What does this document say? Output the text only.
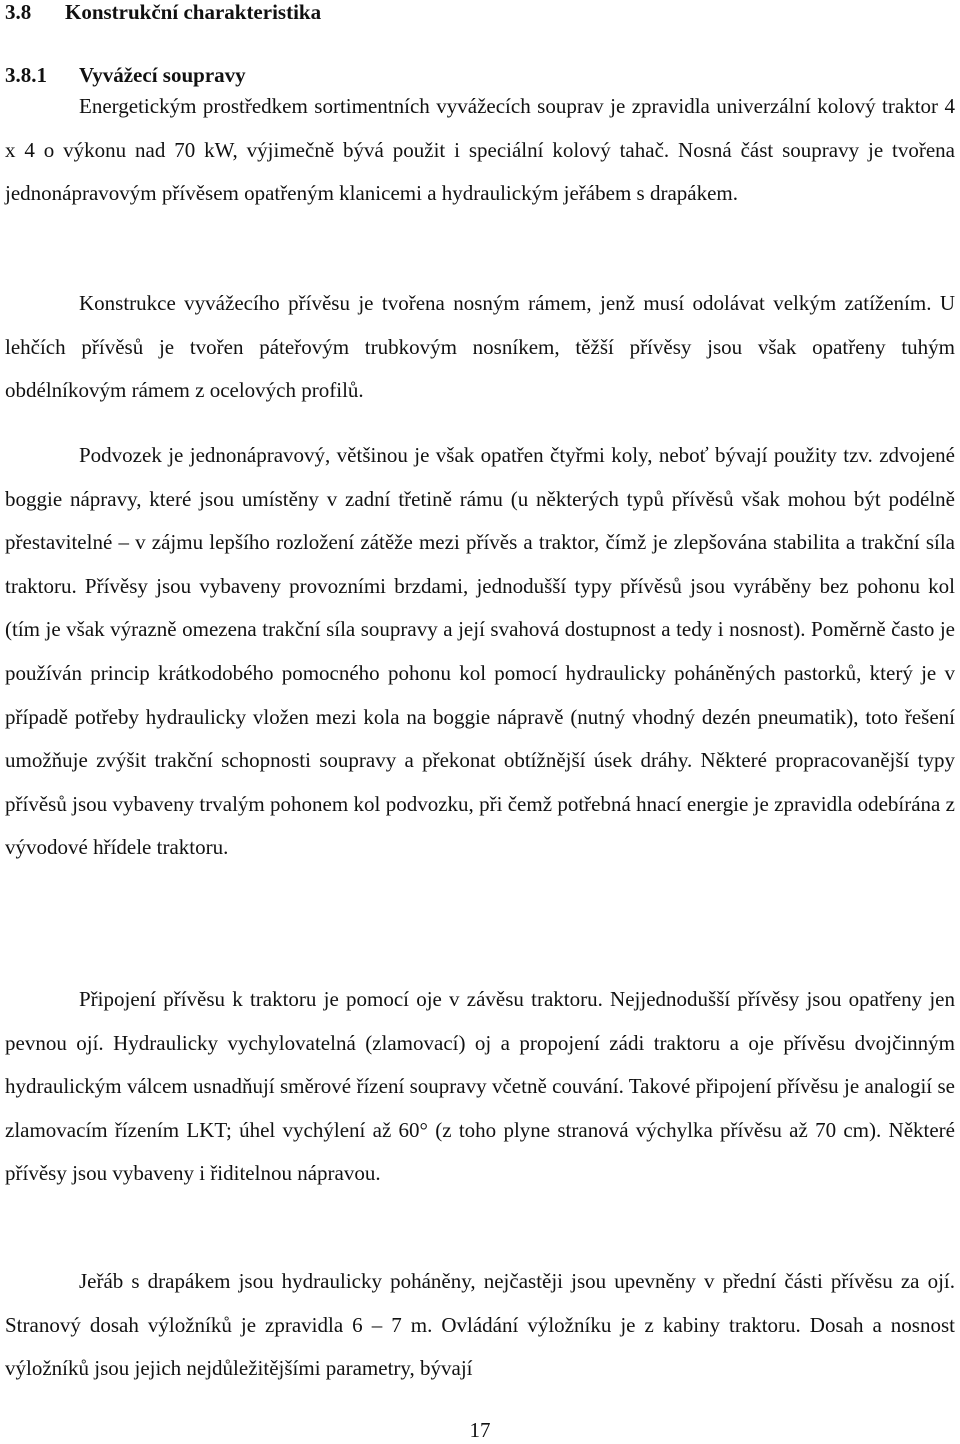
3.8 Konstrukční charakteristika
3.8.1 Vyvážecí soupravy

Energetickým prostředkem sortimentních vyvážecích souprav je zpravidla univerzální kolový traktor 4 x 4 o výkonu nad 70 kW, výjimečně bývá použit i speciální kolový tahač. Nosná část soupravy je tvořena jednonápravovým přívěsem opatřeným klanicemi a hydraulickým jeřábem s drapákem.

Konstrukce vyvážecího přívěsu je tvořena nosným rámem, jenž musí odolávat velkým zatížením. U lehčích přívěsů je tvořen páteřovým trubkovým nosníkem, těžší přívěsy jsou však opatřeny tuhým obdélníkovým rámem z ocelových profilů.

Podvozek je jednonápravový, většinou je však opatřen čtyřmi koly, neboť bývají použity tzv. zdvojené boggie nápravy, které jsou umístěny v zadní třetině rámu (u některých typů přívěsů však mohou být podélně přestavitelné – v zájmu lepšího rozložení zátěže mezi přívěs a traktor, čímž je zlepšována stabilita a trakční síla traktoru. Přívěsy jsou vybaveny provozními brzdami, jednodušší typy přívěsů jsou vyráběny bez pohonu kol (tím je však výrazně omezena trakční síla soupravy a její svahová dostupnost a tedy i nosnost). Poměrně často je používán princip krátkodobého pomocného pohonu kol pomocí hydraulicky poháněných pastorků, který je v případě potřeby hydraulicky vložen mezi kola na boggie nápravě (nutný vhodný dezén pneumatik), toto řešení umožňuje zvýšit trakční schopnosti soupravy a překonat obtížnější úsek dráhy. Některé propracovanější typy přívěsů jsou vybaveny trvalým pohonem kol podvozku, při čemž potřebná hnací energie je zpravidla odebírána z vývodové hřídele traktoru.

Připojení přívěsu k traktoru je pomocí oje v závěsu traktoru. Nejjednodušší přívěsy jsou opatřeny jen pevnou ojí. Hydraulicky vychylovatelná (zlamovací) oj a propojení zádi traktoru a oje přívěsu dvojčinným hydraulickým válcem usnadňují směrové řízení soupravy včetně couvání. Takové připojení přívěsu je analogií se zlamovacím řízením LKT; úhel vychýlení až 60° (z toho plyne stranová výchylka přívěsu až 70 cm). Některé přívěsy jsou vybaveny i řiditelnou nápravou.

Jeřáb s drapákem jsou hydraulicky poháněny, nejčastěji jsou upevněny v přední části přívěsu za ojí. Stranový dosah výložníků je zpravidla 6 – 7 m. Ovládání výložníku je z kabiny traktoru. Dosah a nosnost výložníků jsou jejich nejdůležitějšími parametry, bývají

17
